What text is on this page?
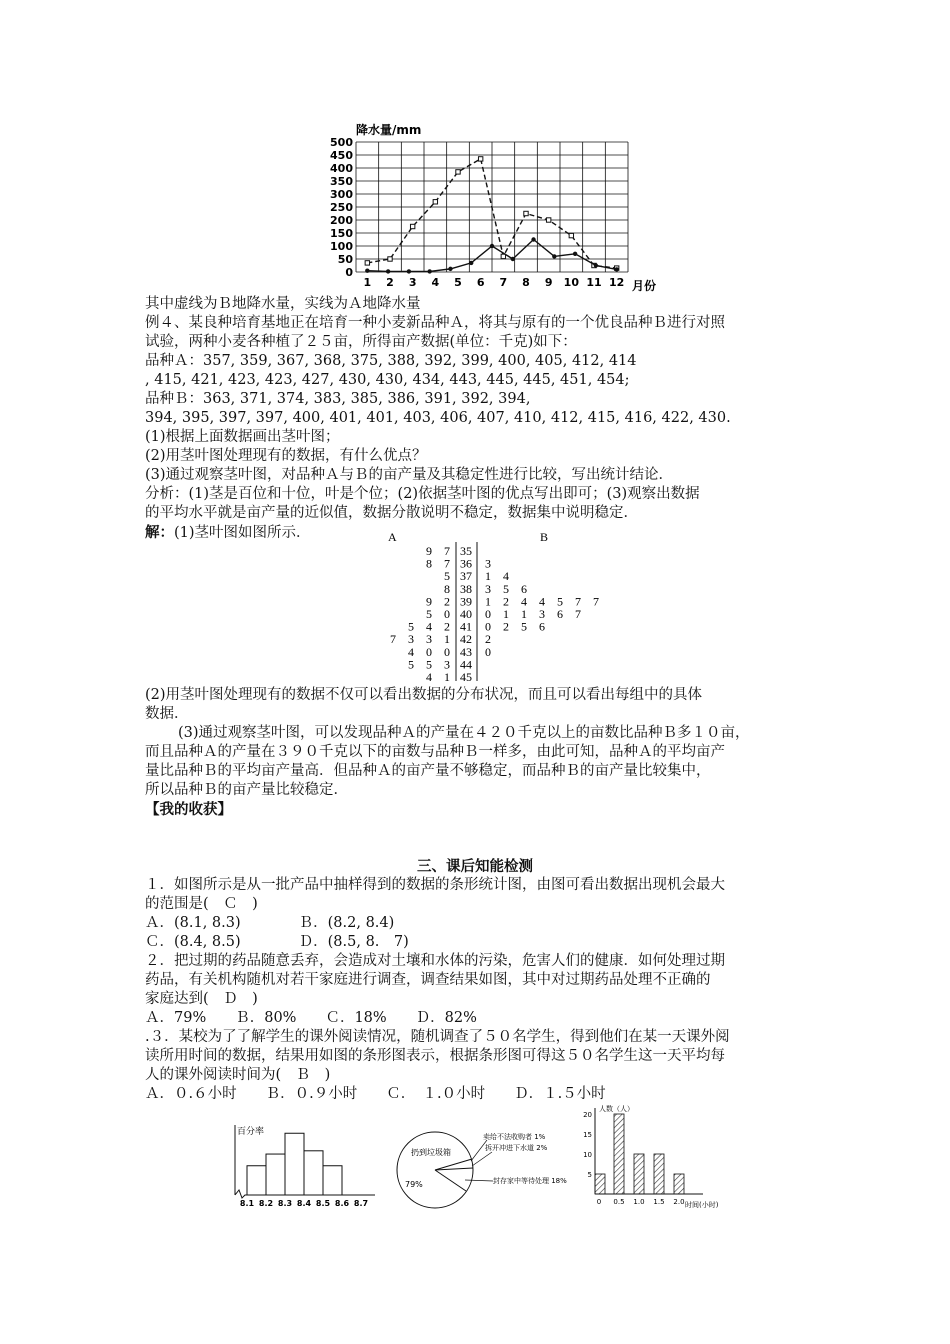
降水量/mm
500
450
400
350
300
250
200
150
100
50
0
1 2 3 4 5 6 7 8 9 10 11 12 月份
其中虚线为Ｂ地降水量，实线为Ａ地降水量
例４、某良种培育基地正在培育一种小麦新品种Ａ，将其与原有的一个优良品种Ｂ进行对照
试验，两种小麦各种植了２５亩，所得亩产数据(单位：千克)如下：
品种Ａ：357, 359, 367, 368, 375, 388, 392, 399, 400, 405, 412, 414
, 415, 421, 423, 423, 427, 430, 430, 434, 443, 445, 445, 451, 454;
品种Ｂ：363, 371, 374, 383, 385, 386, 391, 392, 394,
394, 395, 397, 397, 400, 401, 401, 403, 406, 407, 410, 412, 415, 416, 422, 430.
(1)根据上面数据画出茎叶图；
(2)用茎叶图处理现有的数据，有什么优点？
(3)通过观察茎叶图，对品种Ａ与Ｂ的亩产量及其稳定性进行比较，写出统计结论．
分析：(1)茎是百位和十位，叶是个位；(2)依据茎叶图的优点写出即可；(3)观察出数据
的平均水平就是亩产量的近似值，数据分散说明不稳定，数据集中说明稳定．
解：(1)茎叶图如图所示．	A	B
9　7 35
8　7 36 3
5 37 1　4
8 38 3　5　6
9　2 39 1　2　4　4　5　7　7
5　0 40 0　1　1　3　6　7
5　4　2 41 0　2　5　6
7　3　3　1 42 2
4　0　0 43 0
5　5　3 44
4　1 45
(2)用茎叶图处理现有的数据不仅可以看出数据的分布状况，而且可以看出每组中的具体
数据．
(3)通过观察茎叶图，可以发现品种Ａ的产量在４２０千克以上的亩数比品种Ｂ多１０亩，
而且品种Ａ的产量在３９０千克以下的亩数与品种Ｂ一样多，由此可知，品种Ａ的平均亩产
量比品种Ｂ的平均亩产量高．但品种Ａ的亩产量不够稳定，而品种Ｂ的亩产量比较集中，
所以品种Ｂ的亩产量比较稳定．
【我的收获】
三、课后知能检测
１．如图所示是从一批产品中抽样得到的数据的条形统计图，由图可看出数据出现机会最大
的范围是(　Ｃ　)
Ａ．(8.1, 8.3)　　　　Ｂ．(8.2, 8.4)
Ｃ．(8.4, 8.5)　　　　Ｄ．(8.5, 8.　7)
２．把过期的药品随意丢弃，会造成对土壤和水体的污染，危害人们的健康．如何处理过期
药品，有关机构随机对若干家庭进行调查，调查结果如图，其中对过期药品处理不正确的
家庭达到(　Ｄ　)
Ａ．79%　　Ｂ．80%　　Ｃ．18%　　Ｄ．82%
.３．某校为了了解学生的课外阅读情况，随机调查了５０名学生，得到他们在某一天课外阅
读所用时间的数据，结果用如图的条形图表示，根据条形图可得这５０名学生这一天平均每
人的课外阅读时间为(　Ｂ　)
Ａ．０.６小时　　Ｂ．０.９小时　　Ｃ．　１.０小时　　Ｄ．１.５小时
百分率
8.1 8.2 8.3 8.4 8.5 8.6 8.7
扔到垃圾箱
79%
卖给不法收购者 1%
拆开冲进下水道 2%
封存家中等待处理 18%
人数（人）
时间(小时)
20
15
10
5
0 0.5 1.0 1.5 2.0
